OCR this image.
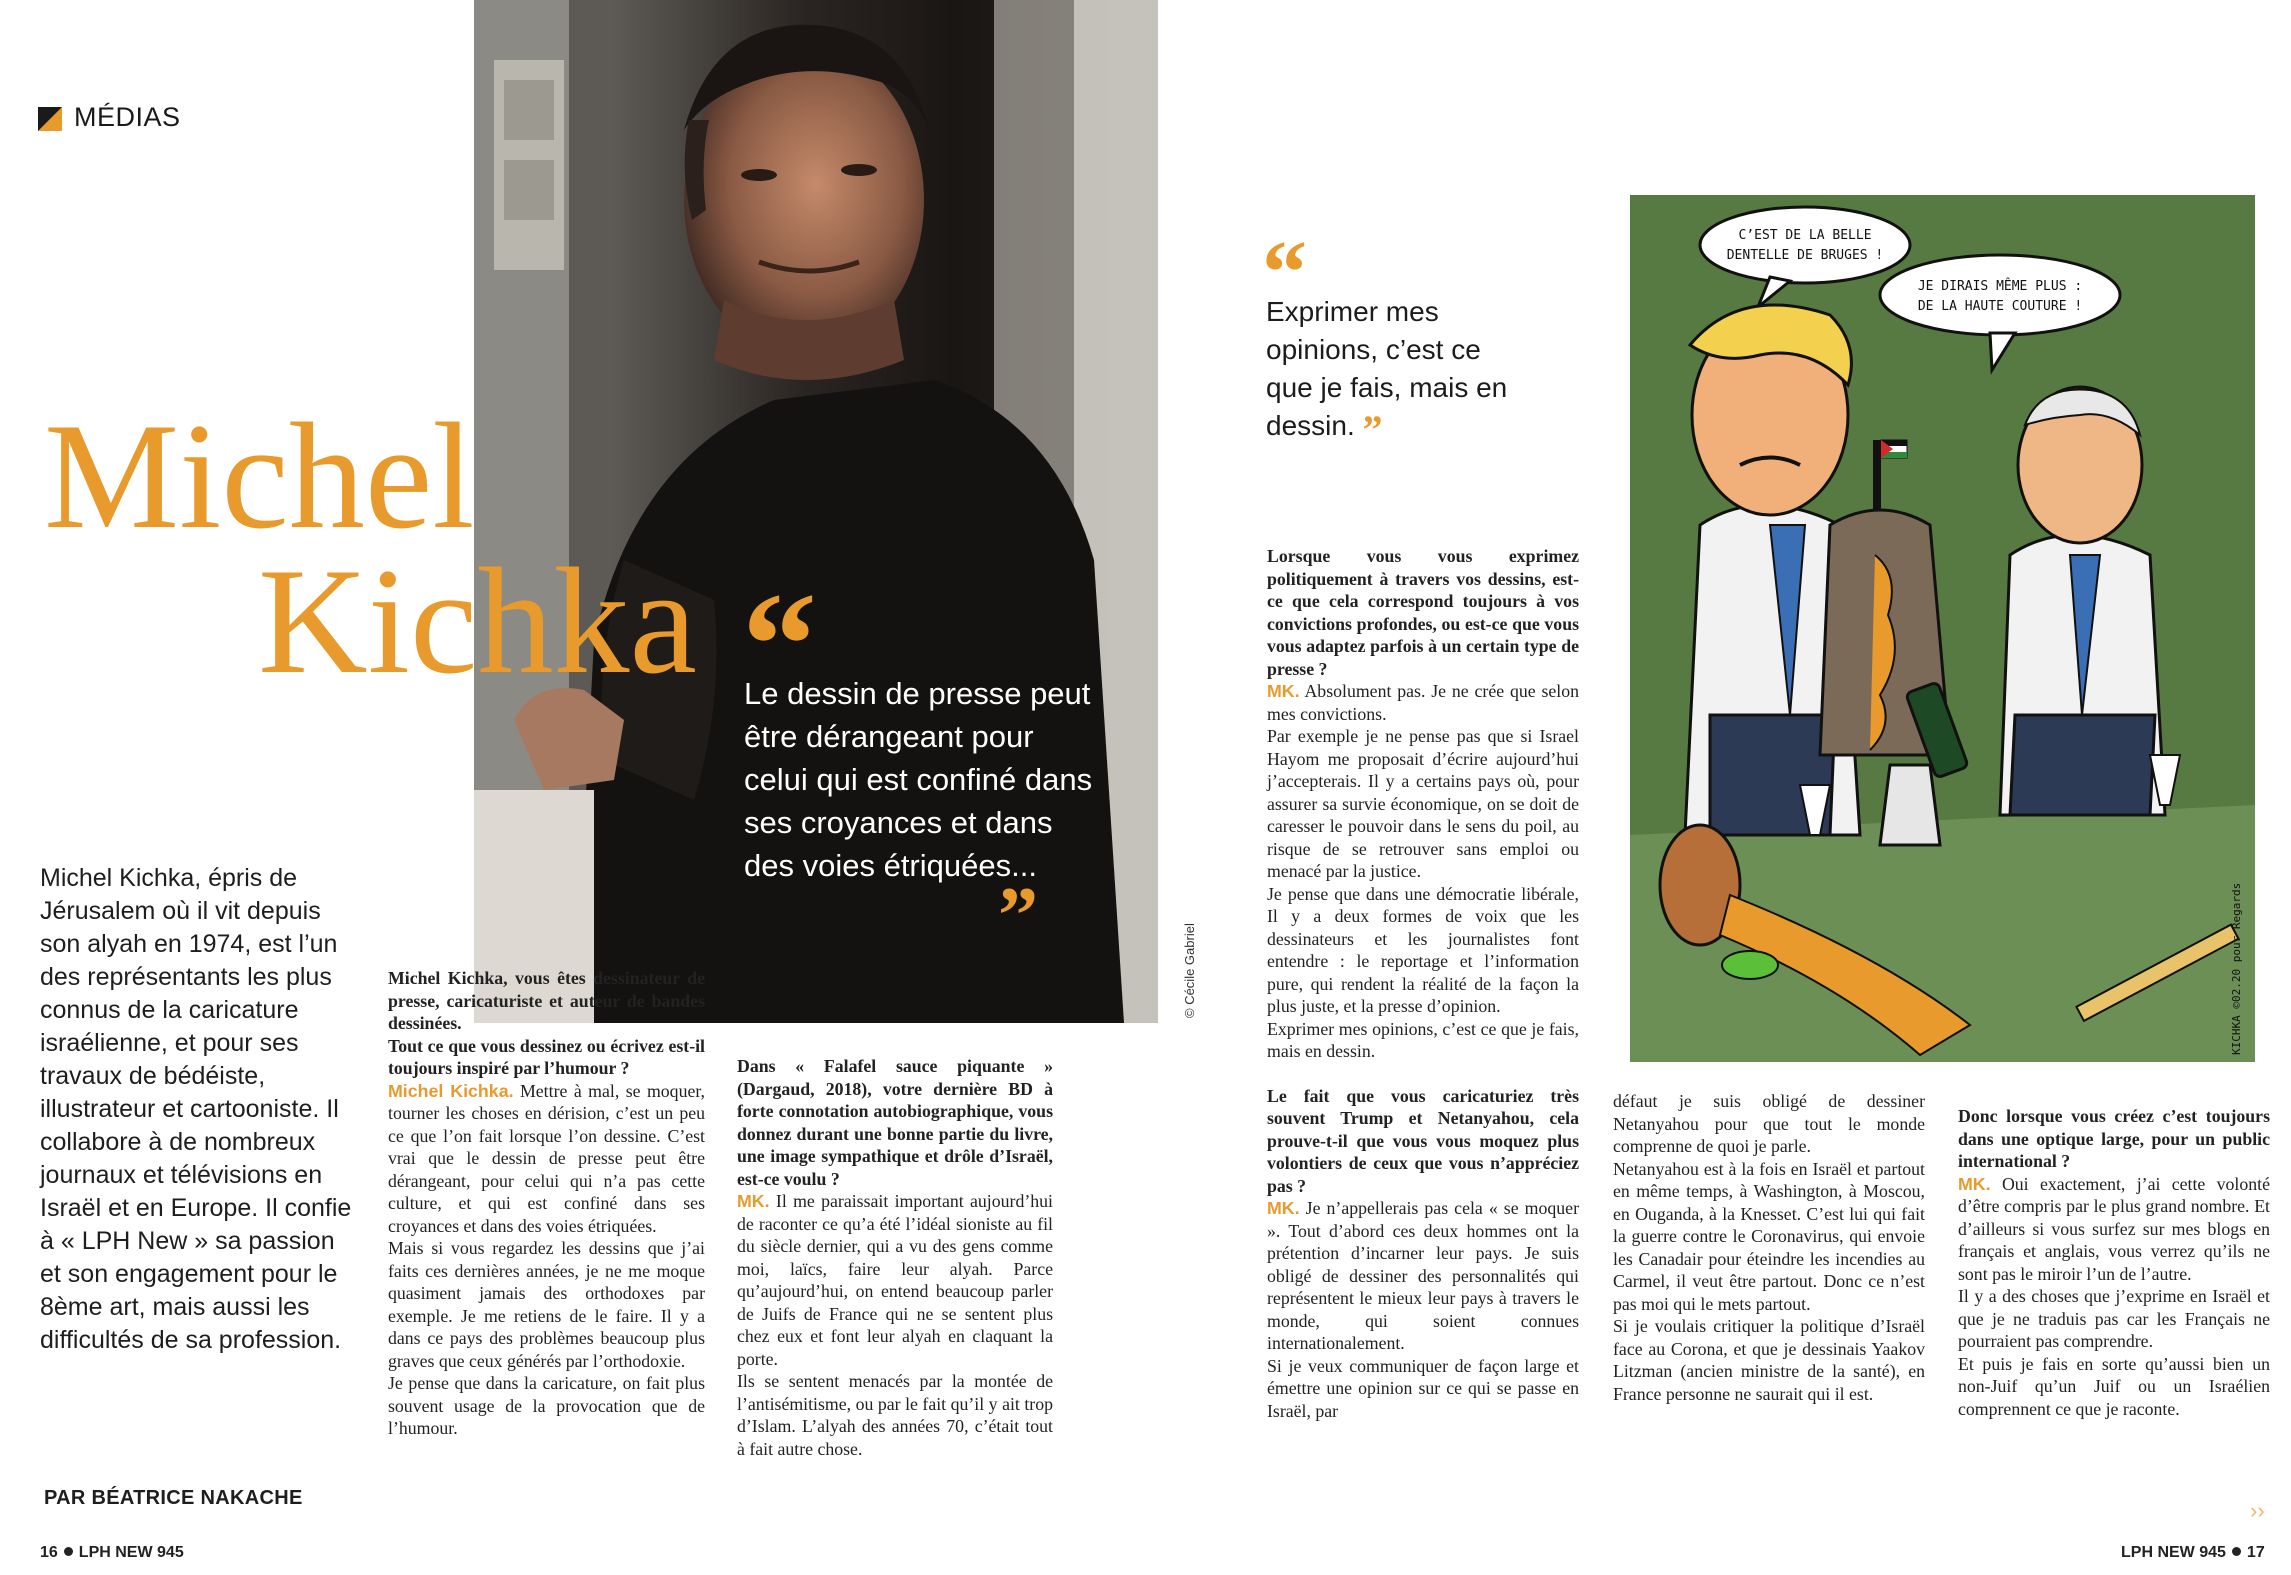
MÉDIAS
© Cécile Gabriel
Michel
Kichka “
Le dessin de presse peut être dérangeant pour celui qui est confiné dans ses croyances et dans des voies étriquées...
”
Michel Kichka, épris de Jérusalem où il vit depuis son alyah en 1974, est l’un des représentants les plus connus de la caricature israélienne, et pour ses travaux de bédéiste, illustrateur et cartooniste. Il collabore à de nombreux journaux et télévisions en Israël et en Europe. Il confie à « LPH New » sa passion et son engagement pour le 8ème art, mais aussi les difficultés de sa profession.
PAR BÉATRICE NAKACHE

Michel Kichka, vous êtes dessinateur de presse, caricaturiste et auteur de bandes dessinées.

Tout ce que vous dessinez ou écrivez est-il toujours inspiré par l’humour ?

Michel Kichka. Mettre à mal, se moquer, tourner les choses en dérision, c’est un peu ce que l’on fait lorsque l’on dessine. C’est vrai que le dessin de presse peut être dérangeant, pour celui qui n’a pas cette culture, et qui est confiné dans ses croyances et dans des voies étriquées.

Mais si vous regardez les dessins que j’ai faits ces dernières années, je ne me moque quasiment jamais des orthodoxes par exemple. Je me retiens de le faire. Il y a dans ce pays des problèmes beaucoup plus graves que ceux générés par l’orthodoxie.

Je pense que dans la caricature, on fait plus souvent usage de la provocation que de l’humour.

Dans « Falafel sauce piquante » (Dargaud, 2018), votre dernière BD à forte connotation autobiographique, vous donnez durant une bonne partie du livre, une image sympathique et drôle d’Israël, est-ce voulu ?

MK. Il me paraissait important aujourd’hui de raconter ce qu’a été l’idéal sioniste au fil du siècle dernier, qui a vu des gens comme moi, laïcs, faire leur alyah. Parce qu’aujourd’hui, on entend beaucoup parler de Juifs de France qui ne se sentent plus chez eux et font leur alyah en claquant la porte.

Ils se sentent menacés par la montée de l’antisémitisme, ou par le fait qu’il y ait trop d’Islam. L’alyah des années 70, c’était tout à fait autre chose.

“
Exprimer mes opinions, c’est ce que je fais, mais en dessin. ”

Lorsque vous vous exprimez politiquement à travers vos dessins, est-ce que cela correspond toujours à vos convictions profondes, ou est-ce que vous vous adaptez parfois à un certain type de presse ?

MK. Absolument pas. Je ne crée que selon mes convictions.

Par exemple je ne pense pas que si Israel Hayom me proposait d’écrire aujourd’hui j’accepterais. Il y a certains pays où, pour assurer sa survie économique, on se doit de caresser le pouvoir dans le sens du poil, au risque de se retrouver sans emploi ou menacé par la justice.

Je pense que dans une démocratie libérale, Il y a deux formes de voix que les dessinateurs et les journalistes font entendre : le reportage et l’information pure, qui rendent la réalité de la façon la plus juste, et la presse d’opinion.

Exprimer mes opinions, c’est ce que je fais, mais en dessin.

Le fait que vous caricaturiez très souvent Trump et Netanyahou, cela prouve-t-il que vous vous moquez plus volontiers de ceux que vous n’appréciez pas ?

MK. Je n’appellerais pas cela « se moquer ». Tout d’abord ces deux hommes ont la prétention d’incarner leur pays. Je suis obligé de dessiner des personnalités qui représentent le mieux leur pays à travers le monde, qui soient connues internationalement.

Si je veux communiquer de façon large et émettre une opinion sur ce qui se passe en Israël, par

défaut je suis obligé de dessiner Netanyahou pour que tout le monde comprenne de quoi je parle.

Netanyahou est à la fois en Israël et partout en même temps, à Washington, à Moscou, en Ouganda, à la Knesset. C’est lui qui fait la guerre contre le Coronavirus, qui envoie les Canadair pour éteindre les incendies au Carmel, il veut être partout. Donc ce n’est pas moi qui le mets partout.

Si je voulais critiquer la politique d’Israël face au Corona, et que je dessinais Yaakov Litzman (ancien ministre de la santé), en France personne ne saurait qui il est.

Donc lorsque vous créez c’est toujours dans une optique large, pour un public international ?

MK. Oui exactement, j’ai cette volonté d’être compris par le plus grand nombre. Et d’ailleurs si vous surfez sur mes blogs en français et anglais, vous verrez qu’ils ne sont pas le miroir l’un de l’autre.

Il y a des choses que j’exprime en Israël et que je ne traduis pas car les Français ne pourraient pas comprendre.

Et puis je fais en sorte qu’aussi bien un non-Juif qu’un Juif ou un Israélien comprennent ce que je raconte.

C’EST DE LA BELLE
DENTELLE DE BRUGES !
JE DIRAIS MÊME PLUS :
DE LA HAUTE COUTURE !
KICHKA ©02.20 pour Regards
16 LPH NEW 945	LPH NEW 945 17
››
